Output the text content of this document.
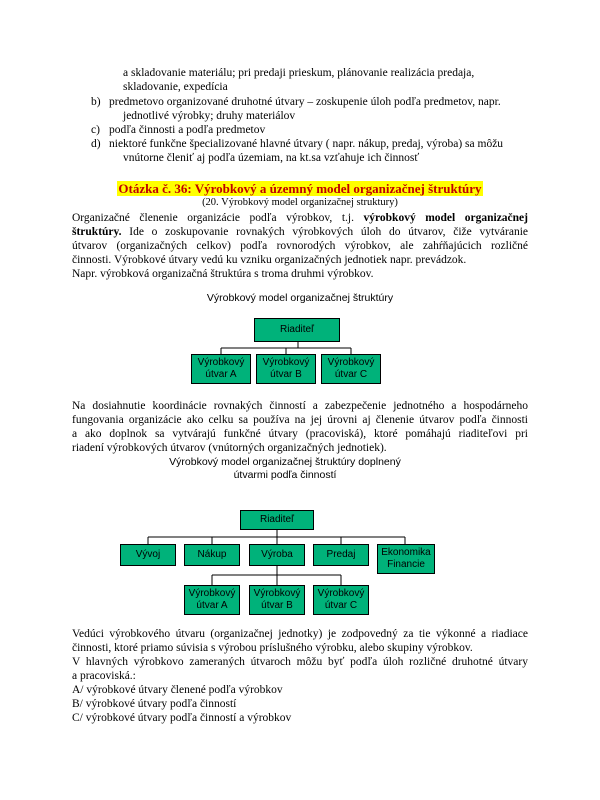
a skladovanie materiálu; pri predaji prieskum, plánovanie realizácia predaja,
skladovanie, expedícia
b) predmetovo organizované druhotné útvary – zoskupenie úloh podľa predmetov, napr.
jednotlivé výrobky; druhy materiálov
c) podľa činnosti a podľa predmetov
d) niektoré funkčne špecializované hlavné útvary ( napr. nákup, predaj, výroba) sa môžu
vnútorne členiť aj podľa územiam, na kt.sa vzťahuje ich činnosť
Otázka č. 36: Výrobkový a územný model organizačnej štruktúry
(20. Výrobkový model organizačnej struktury)
Organizačné členenie organizácie podľa výrobkov, t.j. výrobkový model organizačnej
štruktúry. Ide o zoskupovanie rovnakých výrobkových úloh do útvarov, čiže vytváranie
útvarov (organizačných celkov) podľa rovnorodých výrobkov, ale zahŕňajúcich rozličné
činnosti. Výrobkové útvary vedú ku vzniku organizačných jednotiek napr. prevádzok.
Napr. výrobková organizačná štruktúra s troma druhmi výrobkov.
Výrobkový model organizačnej štruktúry
Riaditeľ
Výrobkový
útvar A
Výrobkový
útvar B
Výrobkový
útvar C
Na dosiahnutie koordinácie rovnakých činností a zabezpečenie jednotného a hospodárneho
fungovania organizácie ako celku sa používa na jej úrovni aj členenie útvarov podľa činnosti
a ako doplnok sa vytvárajú funkčné útvary (pracoviská), ktoré pomáhajú riaditeľovi pri
riadení výrobkových útvarov (vnútorných organizačných jednotiek).
Výrobkový model organizačnej štruktúry doplnený
útvarmi podľa činností
Riaditeľ
Vývoj	Nákup	Výroba	Predaj	Ekonomika
Financie
Výrobkový
útvar A
Výrobkový
útvar B
Výrobkový
útvar C
Vedúci výrobkového útvaru (organizačnej jednotky) je zodpovedný za tie výkonné a riadiace
činnosti, ktoré priamo súvisia s výrobou príslušného výrobku, alebo skupiny výrobkov.
V hlavných výrobkovo zameraných útvaroch môžu byť podľa úloh rozličné druhotné útvary
a pracoviská.:
A/ výrobkové útvary členené podľa výrobkov
B/ výrobkové útvary podľa činností
C/ výrobkové útvary podľa činností a výrobkov
